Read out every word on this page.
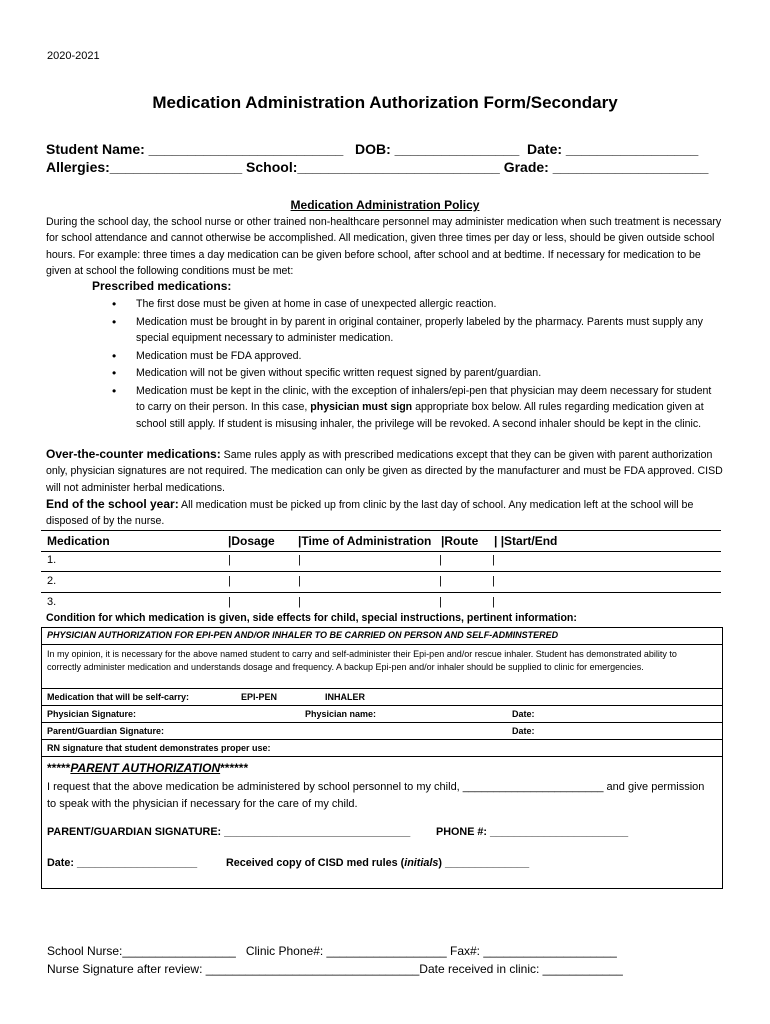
2020-2021
Medication Administration Authorization Form/Secondary
Student Name: _________________________   DOB: ________________  Date: _________________
Allergies:_________________ School:__________________________ Grade: ____________________
Medication Administration Policy
During the school day, the school nurse or other trained non-healthcare personnel may administer medication when such treatment is necessary for school attendance and cannot otherwise be accomplished. All medication, given three times per day or less, should be given outside school hours. For example: three times a day medication can be given before school, after school and at bedtime. If necessary for medication to be given at school the following conditions must be met:
Prescribed medications:
• The first dose must be given at home in case of unexpected allergic reaction.
• Medication must be brought in by parent in original container, properly labeled by the pharmacy. Parents must supply any special equipment necessary to administer medication.
• Medication must be FDA approved.
• Medication will not be given without specific written request signed by parent/guardian.
• Medication must be kept in the clinic, with the exception of inhalers/epi-pen that physician may deem necessary for student to carry on their person. In this case, physician must sign appropriate box below. All rules regarding medication given at school still apply. If student is misusing inhaler, the privilege will be revoked. A second inhaler should be kept in the clinic.
Over-the-counter medications: Same rules apply as with prescribed medications except that they can be given with parent authorization only, physician signatures are not required. The medication can only be given as directed by the manufacturer and must be FDA approved. CISD will not administer herbal medications.
End of the school year: All medication must be picked up from clinic by the last day of school. Any medication left at the school will be disposed of by the nurse.
Medication	|Dosage |Time of Administration |Route | |Start/End
1.	|	|	|	|
2.	|	|	|	|
3.	|	|	|	|
Condition for which medication is given, side effects for child, special instructions, pertinent information:
PHYSICIAN AUTHORIZATION FOR EPI-PEN AND/OR INHALER TO BE CARRIED ON PERSON AND SELF-ADMINSTERED
In my opinion, it is necessary for the above named student to carry and self-administer their Epi-pen and/or rescue inhaler. Student has demonstrated ability to correctly administer medication and understands dosage and frequency. A backup Epi-pen and/or inhaler should be supplied to clinic for emergencies.
Medication that will be self-carry:	EPI-PEN	INHALER
Physician Signature:	Physician name:	Date:
Parent/Guardian Signature:	Date:
RN signature that student demonstrates proper use:
*****PARENT AUTHORIZATION******
I request that the above medication be administered by school personnel to my child, _______________________ and give permission to speak with the physician if necessary for the care of my child.
PARENT/GUARDIAN SIGNATURE: _______________________________ PHONE #: _______________________
Date: ____________________	Received copy of CISD med rules (initials) ______________
School Nurse:_________________   Clinic Phone#: __________________ Fax#: ____________________
Nurse Signature after review: ________________________________Date received in clinic: ____________
